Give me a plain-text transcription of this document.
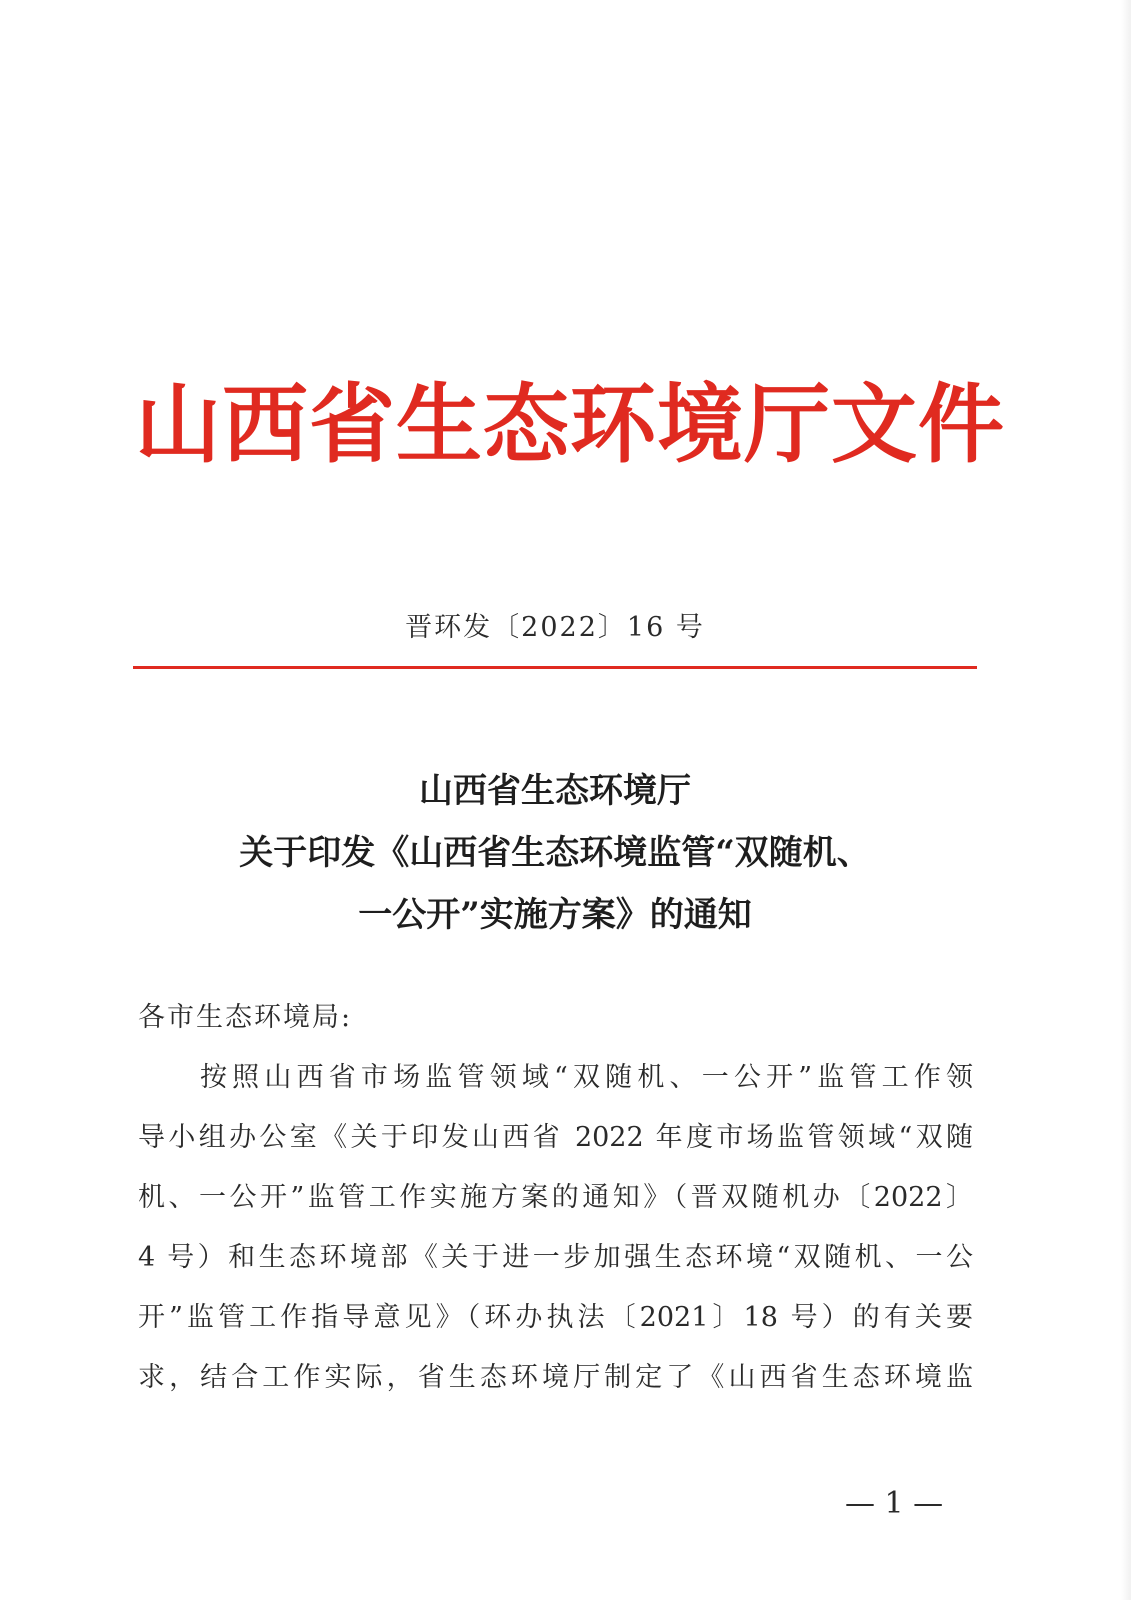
山西省生态环境厅文件
晋环发〔2022〕16 号
山西省生态环境厅
关于印发《山西省生态环境监管“双随机、
一公开”实施方案》的通知
各市生态环境局:
按照山西省市场监管领域“双随机、一公开”监管工作领
导小组办公室《关于印发山西省 2022 年度市场监管领域“双随
机、一公开”监管工作实施方案的通知》（晋双随机办〔2022〕
4 号）和生态环境部《关于进一步加强生态环境“双随机、一公
开”监管工作指导意见》（环办执法〔2021〕18 号）的有关要
求，结合工作实际，省生态环境厅制定了《山西省生态环境监
— 1 —
